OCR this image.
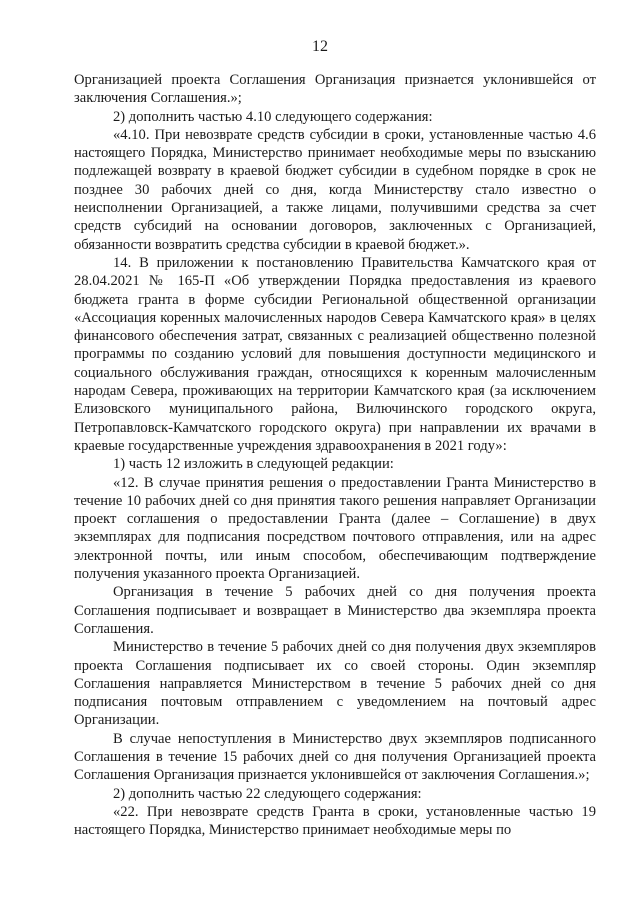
12

Организацией проекта Соглашения Организация признается уклонившейся от заключения Соглашения.»;

2) дополнить частью 4.10 следующего содержания:

«4.10. При невозврате средств субсидии в сроки, установленные частью 4.6 настоящего Порядка, Министерство принимает необходимые меры по взысканию подлежащей возврату в краевой бюджет субсидии в судебном порядке в срок не позднее 30 рабочих дней со дня, когда Министерству стало известно о неисполнении Организацией, а также лицами, получившими средства за счет средств субсидий на основании договоров, заключенных с Организацией, обязанности возвратить средства субсидии в краевой бюджет.».

14. В приложении к постановлению Правительства Камчатского края от 28.04.2021 № 165-П «Об утверждении Порядка предоставления из краевого бюджета гранта в форме субсидии Региональной общественной организации «Ассоциация коренных малочисленных народов Севера Камчатского края» в целях финансового обеспечения затрат, связанных с реализацией общественно полезной программы по созданию условий для повышения доступности медицинского и социального обслуживания граждан, относящихся к коренным малочисленным народам Севера, проживающих на территории Камчатского края (за исключением Елизовского муниципального района, Вилючинского городского округа, Петропавловск-Камчатского городского округа) при направлении их врачами в краевые государственные учреждения здравоохранения в 2021 году»:

1) часть 12 изложить в следующей редакции:

«12. В случае принятия решения о предоставлении Гранта Министерство в течение 10 рабочих дней со дня принятия такого решения направляет Организации проект соглашения о предоставлении Гранта (далее – Соглашение) в двух экземплярах для подписания посредством почтового отправления, или на адрес электронной почты, или иным способом, обеспечивающим подтверждение получения указанного проекта Организацией.

Организация в течение 5 рабочих дней со дня получения проекта Соглашения подписывает и возвращает в Министерство два экземпляра проекта Соглашения.

Министерство в течение 5 рабочих дней со дня получения двух экземпляров проекта Соглашения подписывает их со своей стороны. Один экземпляр Соглашения направляется Министерством в течение 5 рабочих дней со дня подписания почтовым отправлением с уведомлением на почтовый адрес Организации.

В случае непоступления в Министерство двух экземпляров подписанного Соглашения в течение 15 рабочих дней со дня получения Организацией проекта Соглашения Организация признается уклонившейся от заключения Соглашения.»;

2) дополнить частью 22 следующего содержания:

«22. При невозврате средств Гранта в сроки, установленные частью 19 настоящего Порядка, Министерство принимает необходимые меры по
